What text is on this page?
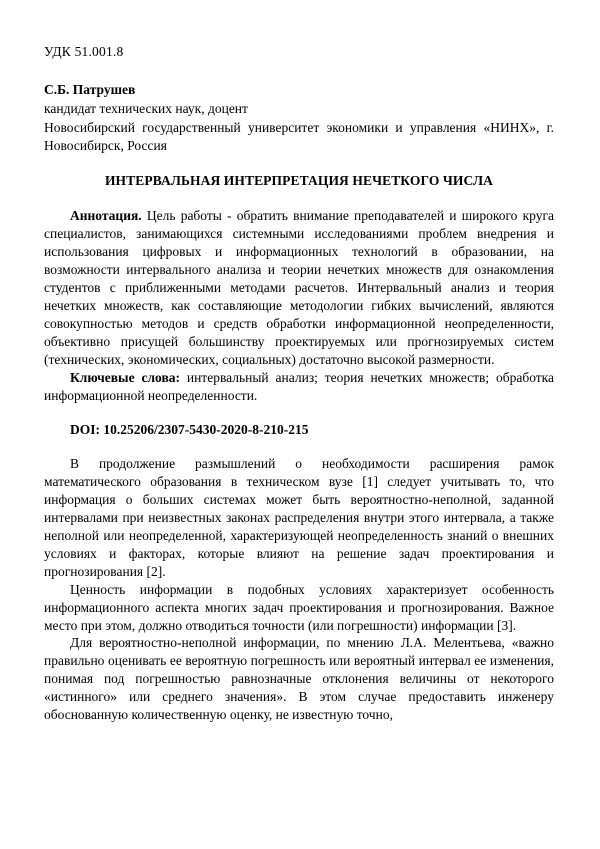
УДК 51.001.8
С.Б. Патрушев
кандидат технических наук, доцент
Новосибирский государственный университет экономики и управления «НИНХ», г. Новосибирск, Россия
ИНТЕРВАЛЬНАЯ ИНТЕРПРЕТАЦИЯ НЕЧЕТКОГО ЧИСЛА

Аннотация. Цель работы - обратить внимание преподавателей и широкого круга специалистов, занимающихся системными исследованиями проблем внедрения и использования цифровых и информационных технологий в образовании, на возможности интервального анализа и теории нечетких множеств для ознакомления студентов с приближенными методами расчетов. Интервальный анализ и теория нечетких множеств, как составляющие методологии гибких вычислений, являются совокупностью методов и средств обработки информационной неопределенности, объективно присущей большинству проектируемых или прогнозируемых систем (технических, экономических, социальных) достаточно высокой размерности.

Ключевые слова: интервальный анализ; теория нечетких множеств; обработка информационной неопределенности.

DOI: 10.25206/2307-5430-2020-8-210-215

В продолжение размышлений о необходимости расширения рамок математического образования в техническом вузе [1] следует учитывать то, что информация о больших системах может быть вероятностно-неполной, заданной интервалами при неизвестных законах распределения внутри этого интервала, а также неполной или неопределенной, характеризующей неопределенность знаний о внешних условиях и факторах, которые влияют на решение задач проектирования и прогнозирования [2].

Ценность информации в подобных условиях характеризует особенность информационного аспекта многих задач проектирования и прогнозирования. Важное место при этом, должно отводиться точности (или погрешности) информации [3].

Для вероятностно-неполной информации, по мнению Л.А. Мелентьева, «важно правильно оценивать ее вероятную погрешность или вероятный интервал ее изменения, понимая под погрешностью равнозначные отклонения величины от некоторого «истинного» или среднего значения». В этом случае предоставить инженеру обоснованную количественную оценку, не известную точно,
